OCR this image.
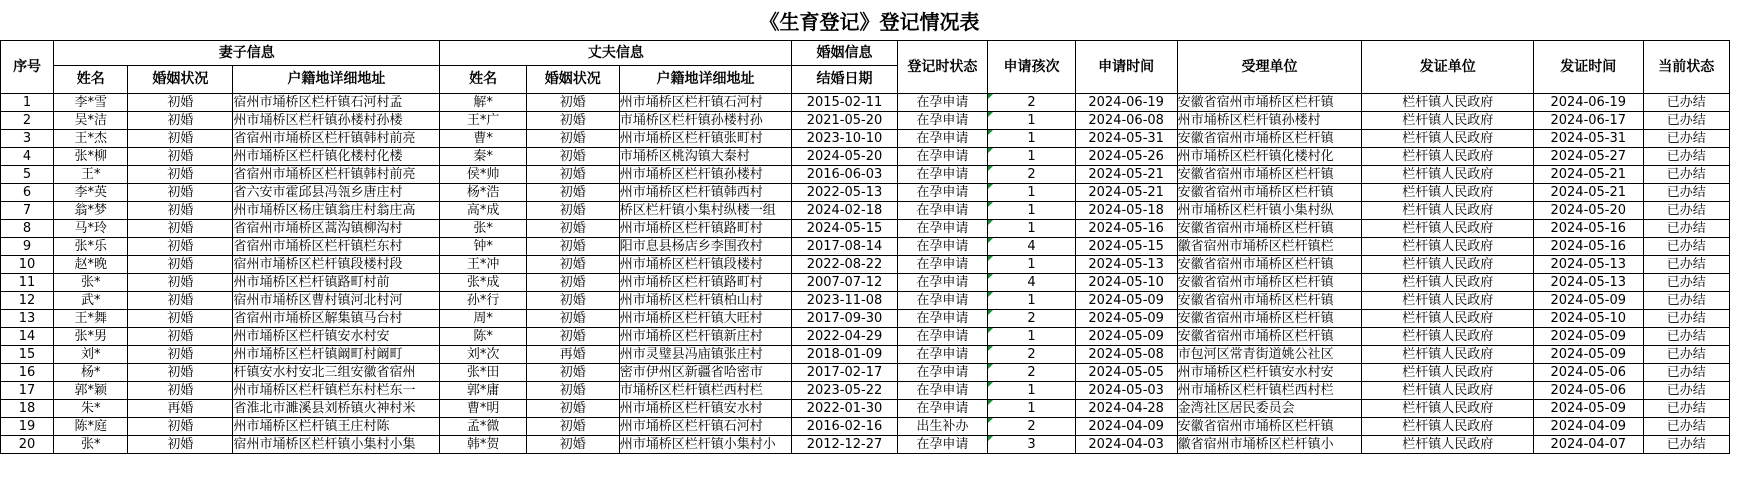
《生育登记》登记情况表
序号	妻子信息			丈夫信息			婚姻信息	登记时状态	申请孩次	申请时间	受理单位	发证单位	发证时间	当前状态
	姓名	婚姻状况	户籍地详细地址	姓名	婚姻状况	户籍地详细地址	结婚日期							
1	李*雪	初婚	宿州市埇桥区栏杆镇石河村孟	解*	初婚	州市埇桥区栏杆镇石河村	2015-02-11	在孕申请	2	2024-06-19	安徽省宿州市埇桥区栏杆镇	栏杆镇人民政府	2024-06-19	已办结
2	吴*洁	初婚	州市埇桥区栏杆镇孙楼村孙楼	王*广	初婚	市埇桥区栏杆镇孙楼村孙	2021-05-20	在孕申请	1	2024-06-08	州市埇桥区栏杆镇孙楼村	栏杆镇人民政府	2024-06-17	已办结
3	王*杰	初婚	省宿州市埇桥区栏杆镇韩村前亮	曹*	初婚	州市埇桥区栏杆镇张町村	2023-10-10	在孕申请	1	2024-05-31	安徽省宿州市埇桥区栏杆镇	栏杆镇人民政府	2024-05-31	已办结
4	张*柳	初婚	州市埇桥区栏杆镇化楼村化楼	秦*	初婚	市埇桥区桃沟镇大秦村	2024-05-20	在孕申请	1	2024-05-26	州市埇桥区栏杆镇化楼村化	栏杆镇人民政府	2024-05-27	已办结
5	王*	初婚	省宿州市埇桥区栏杆镇韩村前亮	侯*帅	初婚	州市埇桥区栏杆镇孙楼村	2016-06-03	在孕申请	2	2024-05-21	安徽省宿州市埇桥区栏杆镇	栏杆镇人民政府	2024-05-21	已办结
6	李*英	初婚	省六安市霍邱县冯瓴乡唐庄村	杨*浩	初婚	州市埇桥区栏杆镇韩西村	2022-05-13	在孕申请	1	2024-05-21	安徽省宿州市埇桥区栏杆镇	栏杆镇人民政府	2024-05-21	已办结
7	翁*梦	初婚	州市埇桥区杨庄镇翁庄村翁庄高	高*成	初婚	桥区栏杆镇小集村纵楼一组	2024-02-18	在孕申请	1	2024-05-18	州市埇桥区栏杆镇小集村纵	栏杆镇人民政府	2024-05-20	已办结
8	马*玲	初婚	省宿州市埇桥区蒿沟镇柳沟村	张*	初婚	州市埇桥区栏杆镇路町村	2024-05-15	在孕申请	1	2024-05-16	安徽省宿州市埇桥区栏杆镇	栏杆镇人民政府	2024-05-16	已办结
9	张*乐	初婚	省宿州市埇桥区栏杆镇栏东村	钟*	初婚	阳市息县杨店乡李围孜村	2017-08-14	在孕申请	4	2024-05-15	徽省宿州市埇桥区栏杆镇栏	栏杆镇人民政府	2024-05-16	已办结
10	赵*晚	初婚	宿州市埇桥区栏杆镇段楼村段	王*冲	初婚	州市埇桥区栏杆镇段楼村	2022-08-22	在孕申请	1	2024-05-13	安徽省宿州市埇桥区栏杆镇	栏杆镇人民政府	2024-05-13	已办结
11	张*	初婚	州市埇桥区栏杆镇路町村前	张*成	初婚	州市埇桥区栏杆镇路町村	2007-07-12	在孕申请	4	2024-05-10	安徽省宿州市埇桥区栏杆镇	栏杆镇人民政府	2024-05-13	已办结
12	武*	初婚	宿州市埇桥区曹村镇河北村河	孙*行	初婚	州市埇桥区栏杆镇柏山村	2023-11-08	在孕申请	1	2024-05-09	安徽省宿州市埇桥区栏杆镇	栏杆镇人民政府	2024-05-09	已办结
13	王*舞	初婚	省宿州市埇桥区解集镇马台村	周*	初婚	州市埇桥区栏杆镇大旺村	2017-09-30	在孕申请	2	2024-05-09	安徽省宿州市埇桥区栏杆镇	栏杆镇人民政府	2024-05-10	已办结
14	张*男	初婚	州市埇桥区栏杆镇安水村安	陈*	初婚	州市埇桥区栏杆镇新庄村	2022-04-29	在孕申请	1	2024-05-09	安徽省宿州市埇桥区栏杆镇	栏杆镇人民政府	2024-05-09	已办结
15	刘*	初婚	州市埇桥区栏杆镇阚町村阚町	刘*次	再婚	州市灵璧县冯庙镇张庄村	2018-01-09	在孕申请	2	2024-05-08	市包河区常青街道姚公社区	栏杆镇人民政府	2024-05-09	已办结
16	杨*	初婚	杆镇安水村安北三组安徽省宿州	张*田	初婚	密市伊州区新疆省哈密市	2017-02-17	在孕申请	2	2024-05-05	州市埇桥区栏杆镇安水村安	栏杆镇人民政府	2024-05-06	已办结
17	郭*颖	初婚	州市埇桥区栏杆镇栏东村栏东一	郭*庸	初婚	市埇桥区栏杆镇栏西村栏	2023-05-22	在孕申请	1	2024-05-03	州市埇桥区栏杆镇栏西村栏	栏杆镇人民政府	2024-05-06	已办结
18	朱*	再婚	省淮北市濉溪县刘桥镇火神村米	曹*明	初婚	州市埇桥区栏杆镇安水村	2022-01-30	在孕申请	1	2024-04-28	金湾社区居民委员会	栏杆镇人民政府	2024-05-09	已办结
19	陈*庭	初婚	州市埇桥区栏杆镇王庄村陈	孟*微	初婚	州市埇桥区栏杆镇石河村	2016-02-16	出生补办	2	2024-04-09	安徽省宿州市埇桥区栏杆镇	栏杆镇人民政府	2024-04-09	已办结
20	张*	初婚	宿州市埇桥区栏杆镇小集村小集	韩*贺	初婚	州市埇桥区栏杆镇小集村小	2012-12-27	在孕申请	3	2024-04-03	徽省宿州市埇桥区栏杆镇小	栏杆镇人民政府	2024-04-07	已办结
